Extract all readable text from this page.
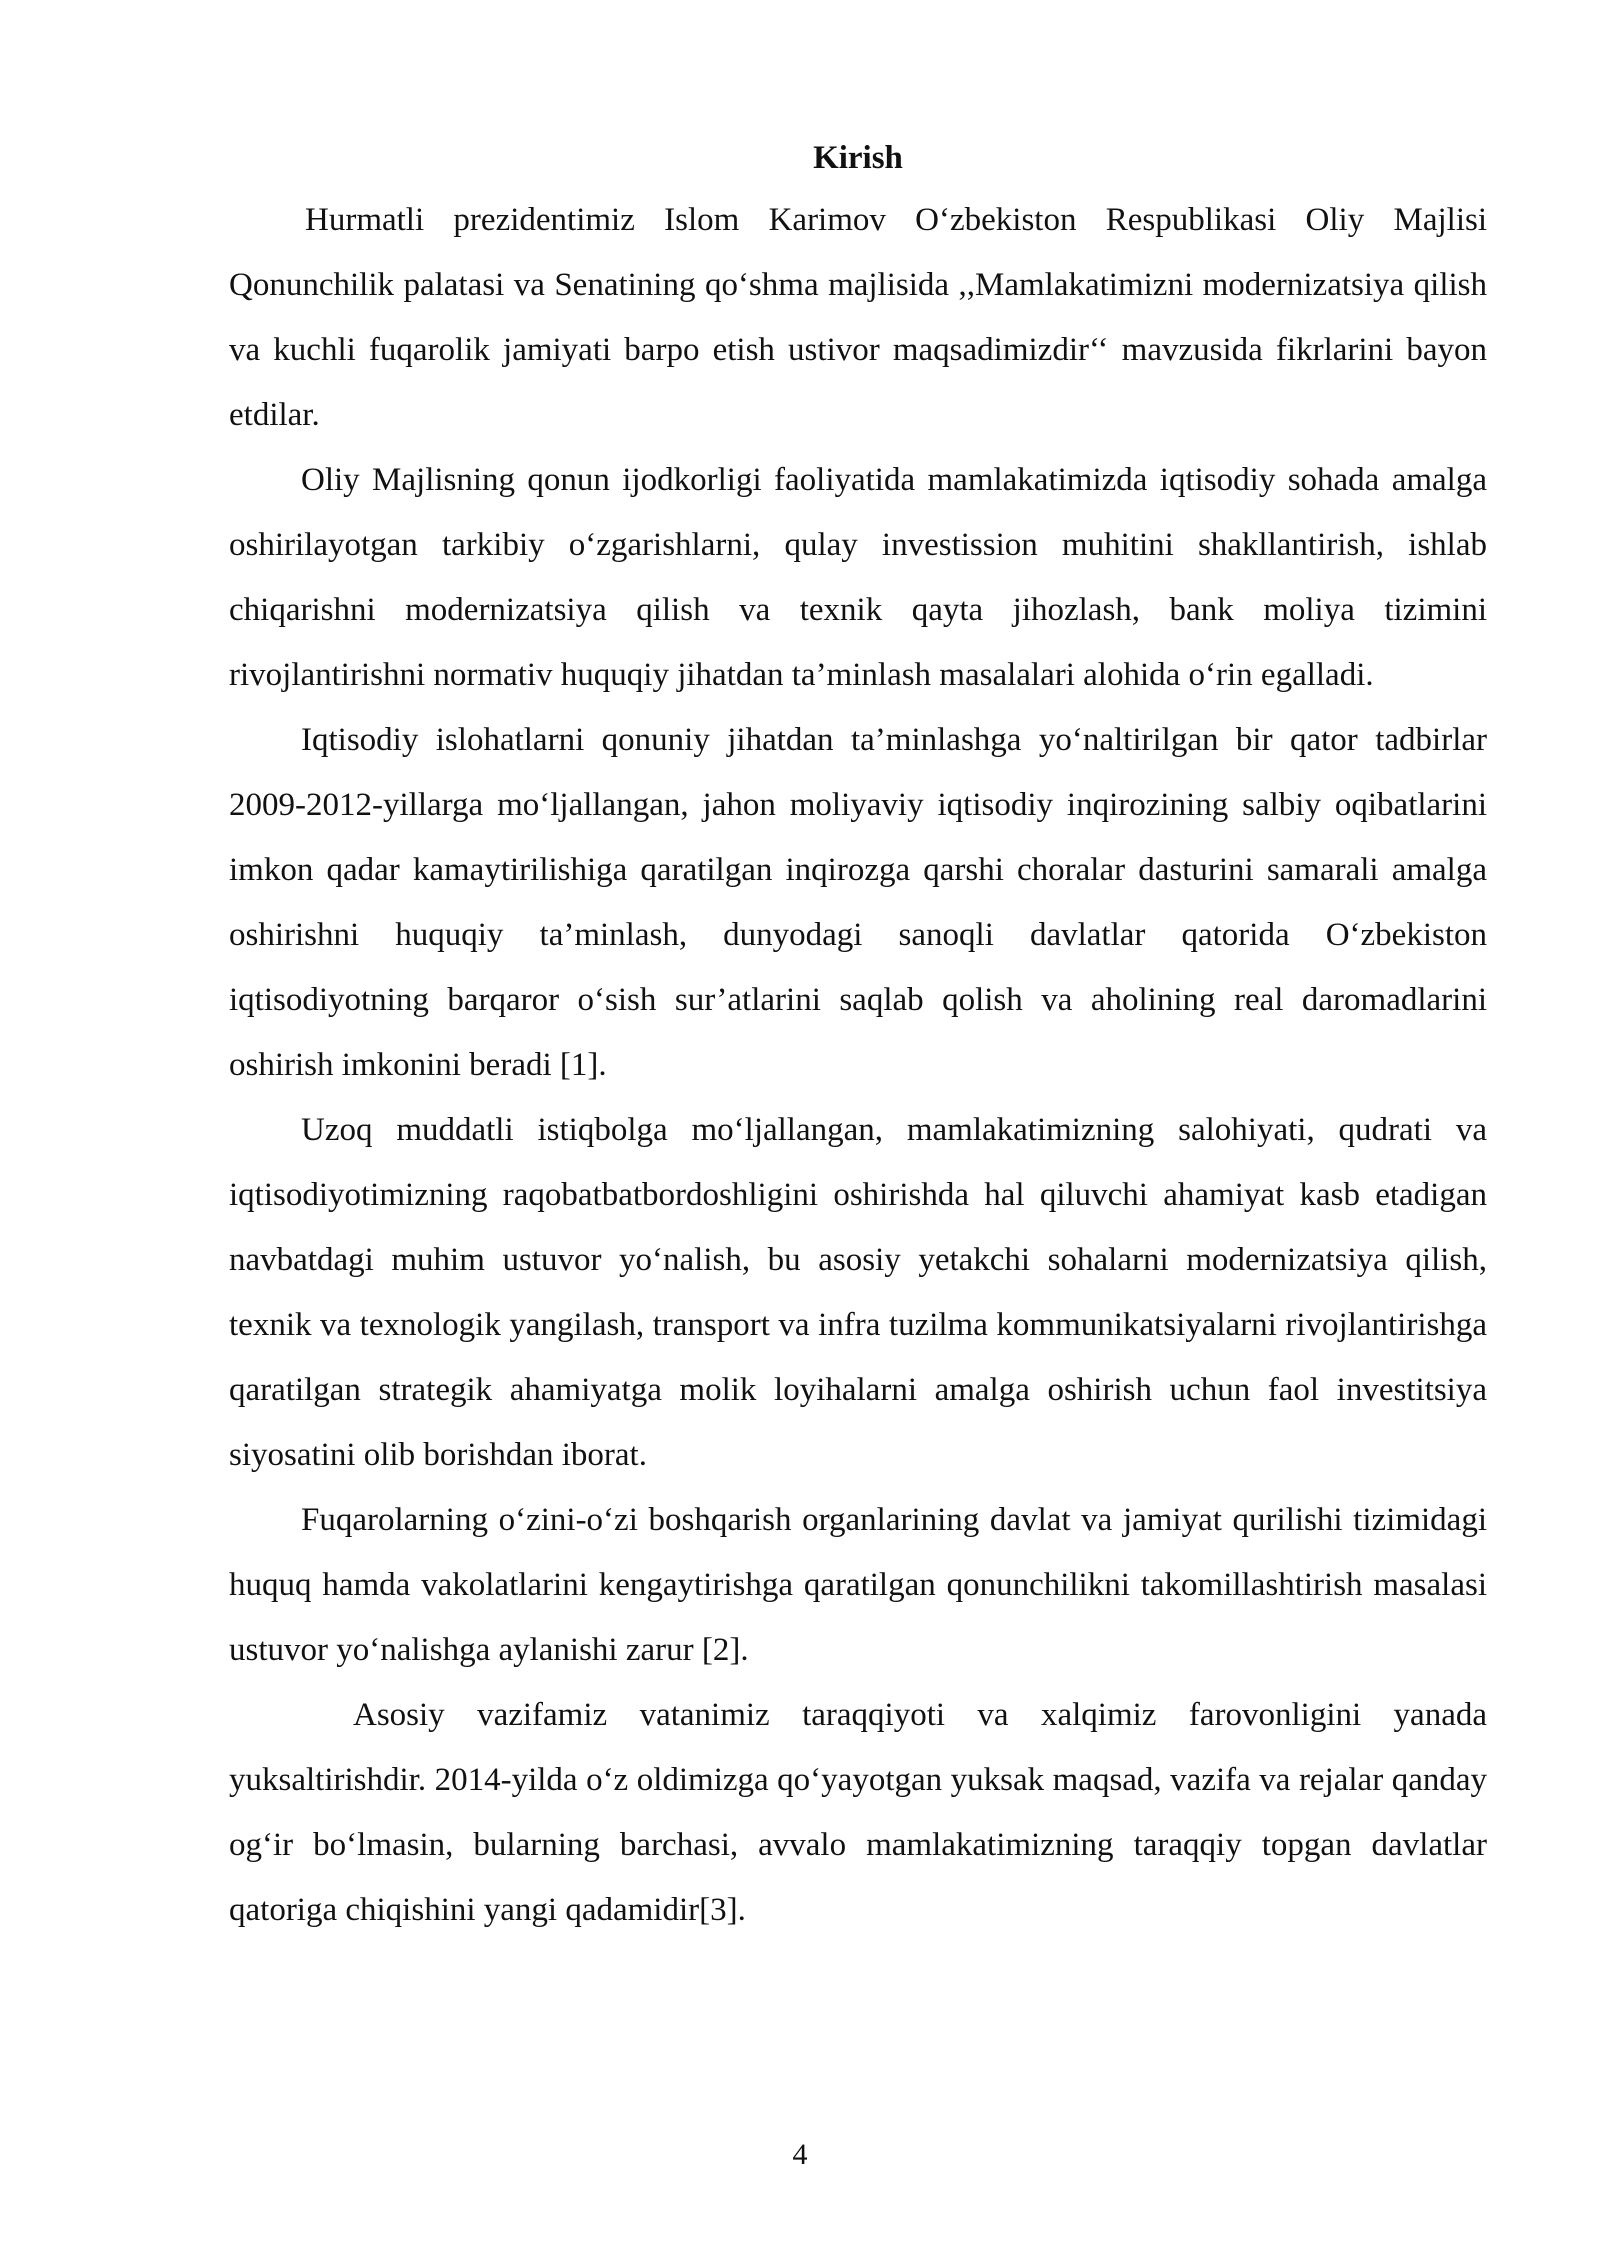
Kirish

Hurmatli prezidentimiz Islom Karimov O‘zbekiston Respublikasi Oliy Majlisi Qonunchilik palatasi va Senatining qo‘shma majlisida ,,Mamlakatimizni modernizatsiya qilish va kuchli fuqarolik jamiyati barpo etish ustivor maqsadimizdir‘‘ mavzusida fikrlarini bayon etdilar.

Oliy Majlisning qonun ijodkorligi faoliyatida mamlakatimizda iqtisodiy sohada amalga oshirilayotgan tarkibiy o‘zgarishlarni, qulay investission muhitini shakllantirish, ishlab chiqarishni modernizatsiya qilish va texnik qayta jihozlash, bank moliya tizimini rivojlantirishni normativ huquqiy jihatdan ta’minlash masalalari alohida o‘rin egalladi.

Iqtisodiy islohatlarni qonuniy jihatdan ta’minlashga yo‘naltirilgan bir qator tadbirlar 2009-2012-yillarga mo‘ljallangan, jahon moliyaviy iqtisodiy inqirozining salbiy oqibatlarini imkon qadar kamaytirilishiga qaratilgan inqirozga qarshi choralar dasturini samarali amalga oshirishni huquqiy ta’minlash, dunyodagi sanoqli davlatlar qatorida O‘zbekiston iqtisodiyotning barqaror o‘sish sur’atlarini saqlab qolish va aholining real daromadlarini oshirish imkonini beradi [1].

Uzoq muddatli istiqbolga mo‘ljallangan, mamlakatimizning salohiyati, qudrati va iqtisodiyotimizning raqobatbatbordoshligini oshirishda hal qiluvchi ahamiyat kasb etadigan navbatdagi muhim ustuvor yo‘nalish, bu asosiy yetakchi sohalarni modernizatsiya qilish, texnik va texnologik yangilash, transport va infra tuzilma kommunikatsiyalarni rivojlantirishga qaratilgan strategik ahamiyatga molik loyihalarni amalga oshirish uchun faol investitsiya siyosatini olib borishdan iborat.

Fuqarolarning o‘zini-o‘zi boshqarish organlarining davlat va jamiyat qurilishi tizimidagi huquq hamda vakolatlarini kengaytirishga qaratilgan qonunchilikni takomillashtirish masalasi ustuvor yo‘nalishga aylanishi zarur [2].

Asosiy vazifamiz vatanimiz taraqqiyoti va xalqimiz farovonligini yanada yuksaltirishdir. 2014-yilda o‘z oldimizga qo‘yayotgan yuksak maqsad, vazifa va rejalar qanday og‘ir bo‘lmasin, bularning barchasi, avvalo mamlakatimizning taraqqiy topgan davlatlar qatoriga chiqishini yangi qadamidir[3].

4
